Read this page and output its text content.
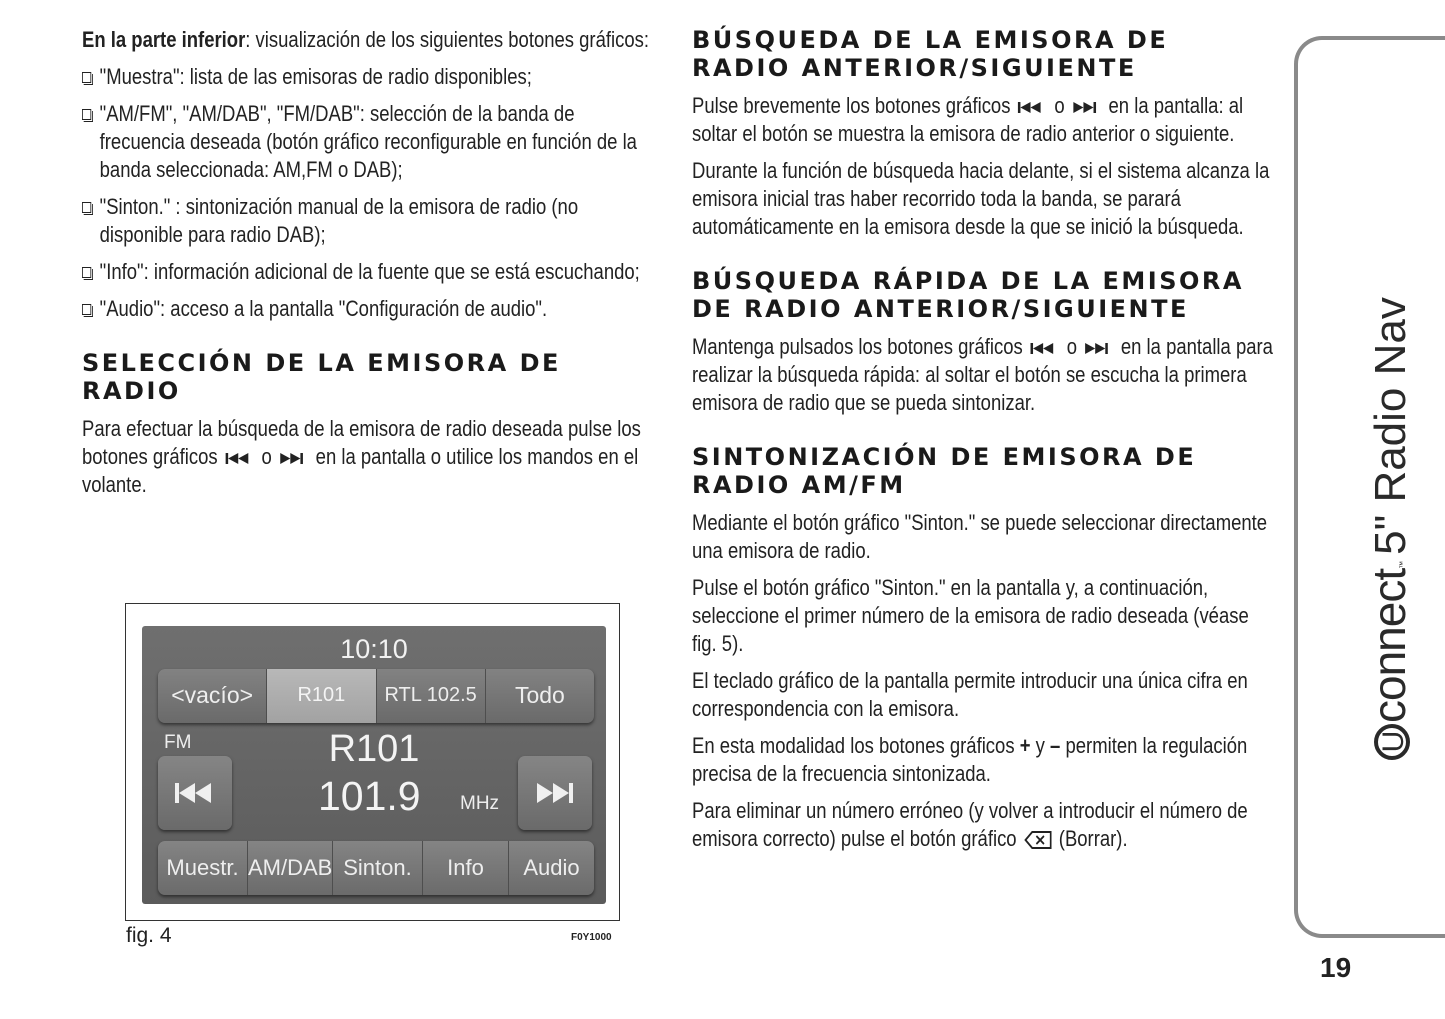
En la parte inferior: visualización de los siguientes botones gráficos:

"Muestra": lista de las emisoras de radio disponibles;
"AM/FM", "AM/DAB", "FM/DAB": selección de la banda de frecuencia deseada (botón gráfico reconfigurable en función de la banda seleccionada: AM,FM o DAB);
"Sinton." : sintonización manual de la emisora de radio (no disponible para radio DAB);
"Info": información adicional de la fuente que se está escuchando;
"Audio": acceso a la pantalla "Configuración de audio".
SELECCIÓN DE LA EMISORA DE RADIO

Para efectuar la búsqueda de la emisora de radio deseada pulse los botones gráficos o en la pantalla o utilice los mandos en el volante.

10:10
<vacío>	R101	RTL 102.5	Todo
FM	R101
101.9 MHz
Muestr. AM/DAB Sinton.	Info	Audio
fig. 4	F0Y1000
BÚSQUEDA DE LA EMISORA DE RADIO ANTERIOR/SIGUIENTE

Pulse brevemente los botones gráficos o en la pantalla: al soltar el botón se muestra la emisora de radio anterior o siguiente.

Durante la función de búsqueda hacia delante, si el sistema alcanza la emisora inicial tras haber recorrido toda la banda, se parará automáticamente en la emisora desde la que se inició la búsqueda.

BÚSQUEDA RÁPIDA DE LA EMISORA DE RADIO ANTERIOR/SIGUIENTE

Mantenga pulsados los botones gráficos o en la pantalla para realizar la búsqueda rápida: al soltar el botón se escucha la primera emisora de radio que se pueda sintonizar.

SINTONIZACIÓN DE EMISORA DE RADIO AM/FM

Mediante el botón gráfico "Sinton." se puede seleccionar directamente una emisora de radio.

Pulse el botón gráfico "Sinton." en la pantalla y, a continuación, seleccione el primer número de la emisora de radio deseada (véase fig. 5).

El teclado gráfico de la pantalla permite introducir una única cifra en correspondencia con la emisora.

En esta modalidad los botones gráficos + y – permiten la regulación precisa de la frecuencia sintonizada.

Para eliminar un número erróneo (y volver a introducir el número de emisora correcto) pulse el botón gráfico (Borrar).

Uconnect
™
5" Radio Nav
19
